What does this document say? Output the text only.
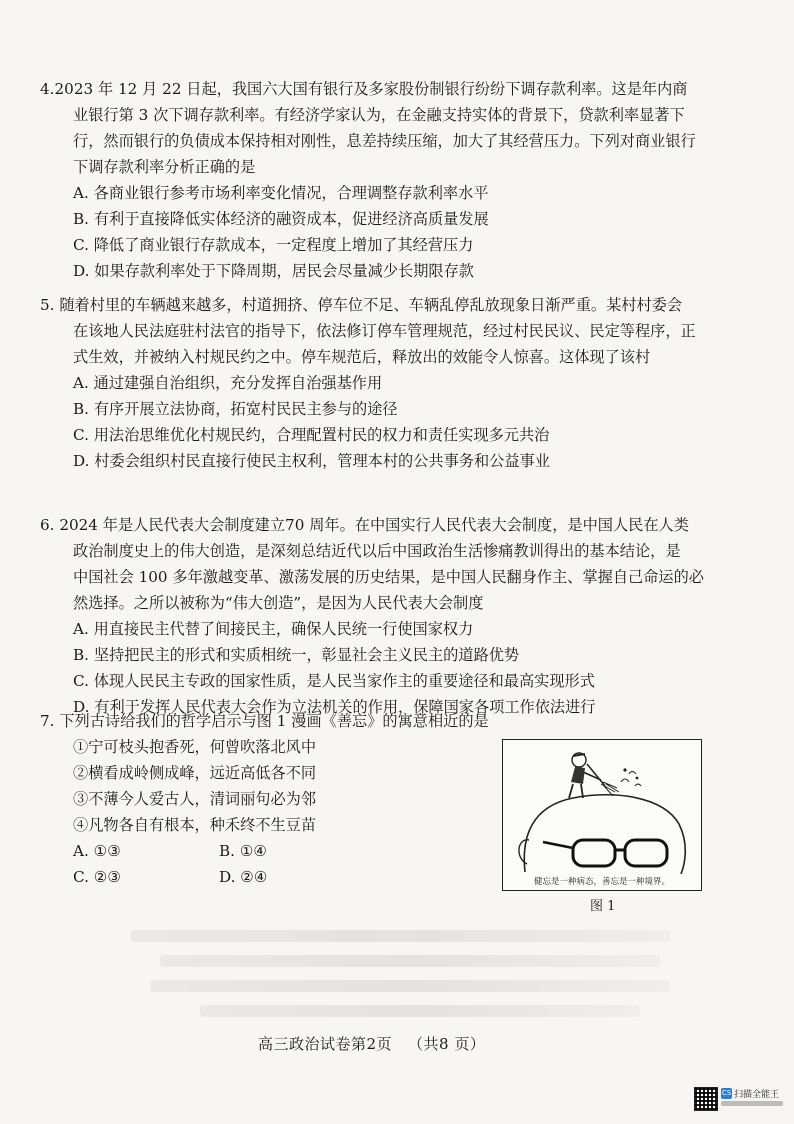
4.2023 年 12 月 22 日起，我国六大国有银行及多家股份制银行纷纷下调存款利率。这是年内商

业银行第 3 次下调存款利率。有经济学家认为，在金融支持实体的背景下，贷款利率显著下

行，然而银行的负债成本保持相对刚性，息差持续压缩，加大了其经营压力。下列对商业银行

下调存款利率分析正确的是

A. 各商业银行参考市场利率变化情况，合理调整存款利率水平

B. 有利于直接降低实体经济的融资成本，促进经济高质量发展

C. 降低了商业银行存款成本，一定程度上增加了其经营压力

D. 如果存款利率处于下降周期，居民会尽量减少长期限存款

5. 随着村里的车辆越来越多，村道拥挤、停车位不足、车辆乱停乱放现象日渐严重。某村村委会

在该地人民法庭驻村法官的指导下，依法修订停车管理规范，经过村民民议、民定等程序，正

式生效，并被纳入村规民约之中。停车规范后，释放出的效能令人惊喜。这体现了该村

A. 通过建强自治组织，充分发挥自治强基作用

B. 有序开展立法协商，拓宽村民民主参与的途径

C. 用法治思维优化村规民约，合理配置村民的权力和责任实现多元共治

D. 村委会组织村民直接行使民主权利，管理本村的公共事务和公益事业

6. 2024 年是人民代表大会制度建立70 周年。在中国实行人民代表大会制度，是中国人民在人类

政治制度史上的伟大创造，是深刻总结近代以后中国政治生活惨痛教训得出的基本结论，是

中国社会 100 多年激越变革、激荡发展的历史结果，是中国人民翻身作主、掌握自己命运的必

然选择。之所以被称为“伟大创造”，是因为人民代表大会制度

A. 用直接民主代替了间接民主，确保人民统一行使国家权力

B. 坚持把民主的形式和实质相统一，彰显社会主义民主的道路优势

C. 体现人民民主专政的国家性质，是人民当家作主的重要途径和最高实现形式

D. 有利于发挥人民代表大会作为立法机关的作用，保障国家各项工作依法进行

7. 下列古诗给我们的哲学启示与图 1 漫画《善忘》的寓意相近的是

①宁可枝头抱香死，何曾吹落北风中

②横看成岭侧成峰，远近高低各不同

③不薄今人爱古人，清词丽句必为邻

④凡物各自有根本，种禾终不生豆苗

A. ①③	B. ①④
C. ②③	D. ②④	健忘是一种病态，善忘是一种境界。
图 1
高三政治试卷第2页 （共8 页）
CS 扫描全能王
